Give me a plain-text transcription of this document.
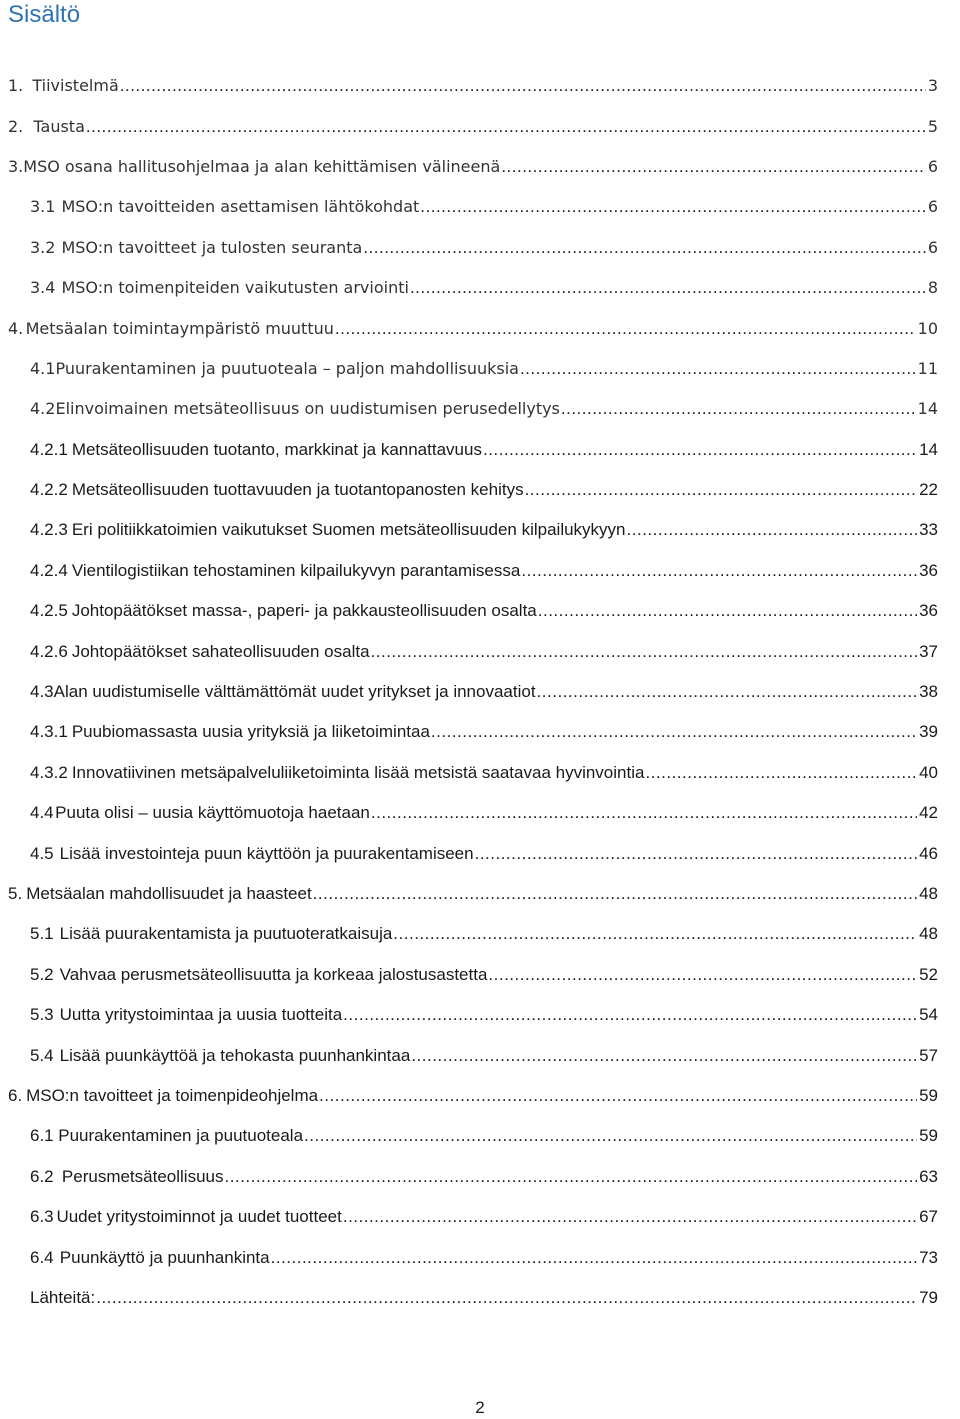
Sisältö
1. Tiivistelmä .....	3
2. Tausta .....	5
3. MSO osana hallitusohjelmaa ja alan kehittämisen välineenä .....	6
3.1 MSO:n tavoitteiden asettamisen lähtökohdat .....	6
3.2 MSO:n tavoitteet ja tulosten seuranta .....	6
3.4 MSO:n toimenpiteiden vaikutusten arviointi .....	8
4. Metsäalan toimintaympäristö muuttuu .....	10
4.1 Puurakentaminen ja puutuoteala – paljon mahdollisuuksia .....	11
4.2 Elinvoimainen metsäteollisuus on uudistumisen perusedellytys .....	14
4.2.1 Metsäteollisuuden tuotanto, markkinat ja kannattavuus .....	14
4.2.2 Metsäteollisuuden tuottavuuden ja tuotantopanosten kehitys .....	22
4.2.3 Eri politiikkatoimien vaikutukset Suomen metsäteollisuuden kilpailukykyyn .....	33
4.2.4 Vientilogistiikan tehostaminen kilpailukyvyn parantamisessa .....	36
4.2.5 Johtopäätökset massa-, paperi- ja pakkausteollisuuden osalta .....	36
4.2.6 Johtopäätökset sahateollisuuden osalta .....	37
4.3 Alan uudistumiselle välttämättömät uudet yritykset ja innovaatiot .....	38
4.3.1 Puubiomassasta uusia yrityksiä ja liiketoimintaa .....	39
4.3.2 Innovatiivinen metsäpalveluliiketoiminta lisää metsistä saatavaa hyvinvointia .....	40
4.4 Puuta olisi – uusia käyttömuotoja haetaan .....	42
4.5 Lisää investointeja puun käyttöön ja puurakentamiseen .....	46
5. Metsäalan mahdollisuudet ja haasteet .....	48
5.1 Lisää puurakentamista ja puutuoteratkaisuja .....	48
5.2 Vahvaa perusmetsäteollisuutta ja korkeaa jalostusastetta .....	52
5.3 Uutta yritystoimintaa ja uusia tuotteita .....	54
5.4 Lisää puunkäyttöä ja tehokasta puunhankintaa .....	57
6. MSO:n tavoitteet ja toimenpideohjelma .....	59
6.1 Puurakentaminen ja puutuoteala .....	59
6.2 Perusmetsäteollisuus .....	63
6.3 Uudet yritystoiminnot ja uudet tuotteet .....	67
6.4 Puunkäyttö ja puunhankinta .....	73
Lähteitä: .....	79
2
